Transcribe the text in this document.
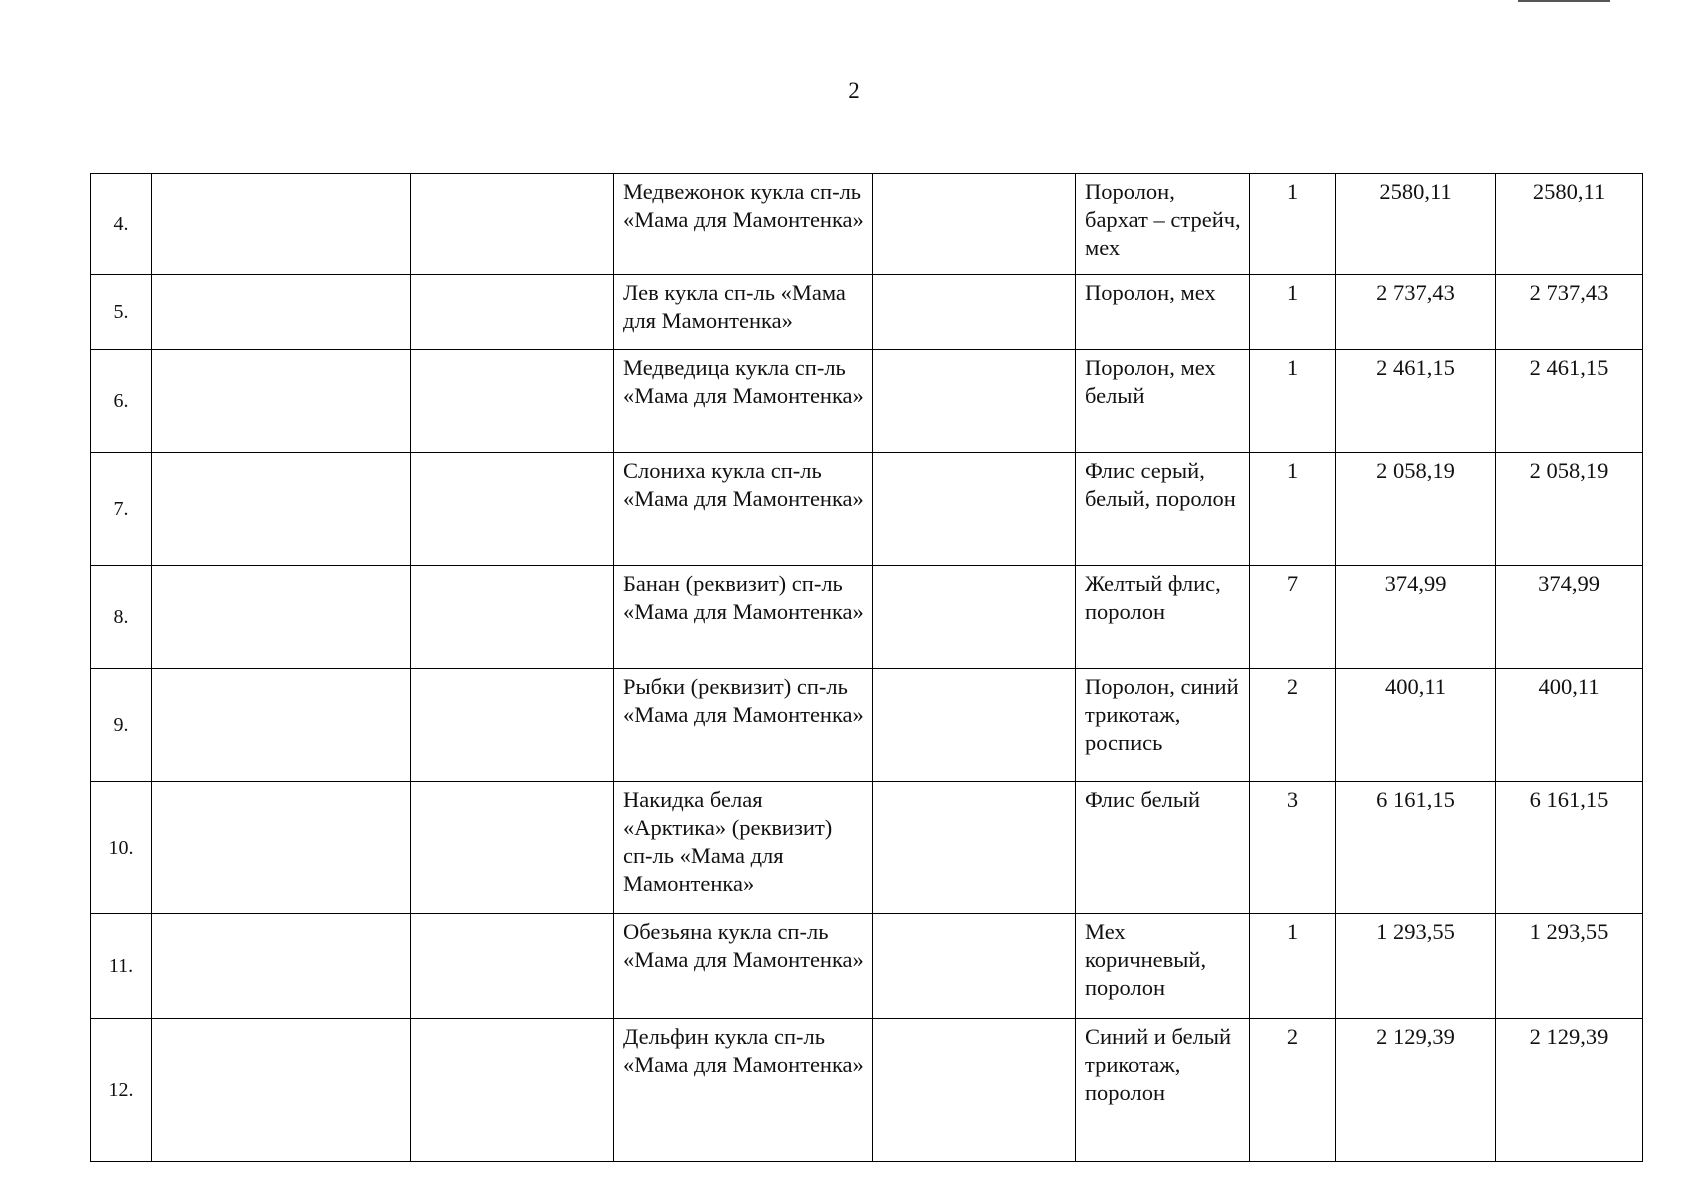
2
4.			Медвежонок кукла сп-ль «Мама для Мамонтенка»		Поролон, бархат – стрейч, мех	1	2580,11	2580,11
5.			Лев кукла сп-ль «Мама для Мамонтенка»		Поролон, мех	1	2 737,43	2 737,43
6.			Медведица кукла сп-ль «Мама для Мамонтенка»		Поролон, мех белый	1	2 461,15	2 461,15
7.			Слониха кукла сп-ль «Мама для Мамонтенка»		Флис серый, белый, поролон	1	2 058,19	2 058,19
8.			Банан (реквизит) сп-ль «Мама для Мамонтенка»		Желтый флис, поролон	7	374,99	374,99
9.			Рыбки (реквизит) сп-ль «Мама для Мамонтенка»		Поролон, синий трикотаж, роспись	2	400,11	400,11
10.			Накидка белая «Арктика» (реквизит) сп-ль «Мама для Мамонтенка»		Флис белый	3	6 161,15	6 161,15
11.			Обезьяна кукла сп-ль «Мама для Мамонтенка»		Мех коричневый, поролон	1	1 293,55	1 293,55
12.			Дельфин кукла сп-ль «Мама для Мамонтенка»		Синий и белый трикотаж, поролон	2	2 129,39	2 129,39
